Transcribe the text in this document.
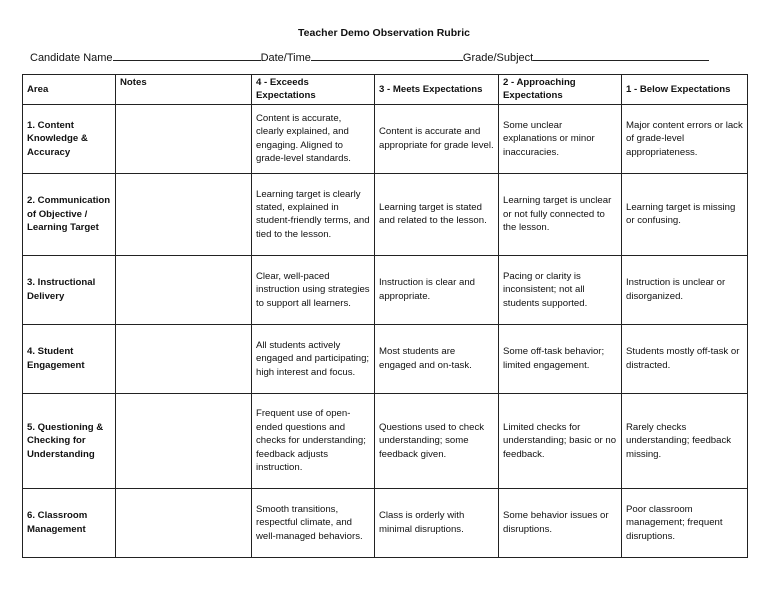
Teacher Demo Observation Rubric
Candidate Name	Date/Time	Grade/Subject
Area	Notes	4 - Exceeds Expectations	3 - Meets Expectations	2 - Approaching Expectations	1 - Below Expectations
1. Content Knowledge & Accuracy		Content is accurate, clearly explained, and engaging. Aligned to grade-level standards.	Content is accurate and appropriate for grade level.	Some unclear explanations or minor inaccuracies.	Major content errors or lack of grade-level appropriateness.
2. Communication of Objective / Learning Target		Learning target is clearly stated, explained in student-friendly terms, and tied to the lesson.	Learning target is stated and related to the lesson.	Learning target is unclear or not fully connected to the lesson.	Learning target is missing or confusing.
3. Instructional Delivery		Clear, well-paced instruction using strategies to support all learners.	Instruction is clear and appropriate.	Pacing or clarity is inconsistent; not all students supported.	Instruction is unclear or disorganized.
4. Student Engagement		All students actively engaged and participating; high interest and focus.	Most students are engaged and on-task.	Some off-task behavior; limited engagement.	Students mostly off-task or distracted.
5. Questioning & Checking for Understanding		Frequent use of open-ended questions and checks for understanding; feedback adjusts instruction.	Questions used to check understanding; some feedback given.	Limited checks for understanding; basic or no feedback.	Rarely checks understanding; feedback missing.
6. Classroom Management		Smooth transitions, respectful climate, and well-managed behaviors.	Class is orderly with minimal disruptions.	Some behavior issues or disruptions.	Poor classroom management; frequent disruptions.
